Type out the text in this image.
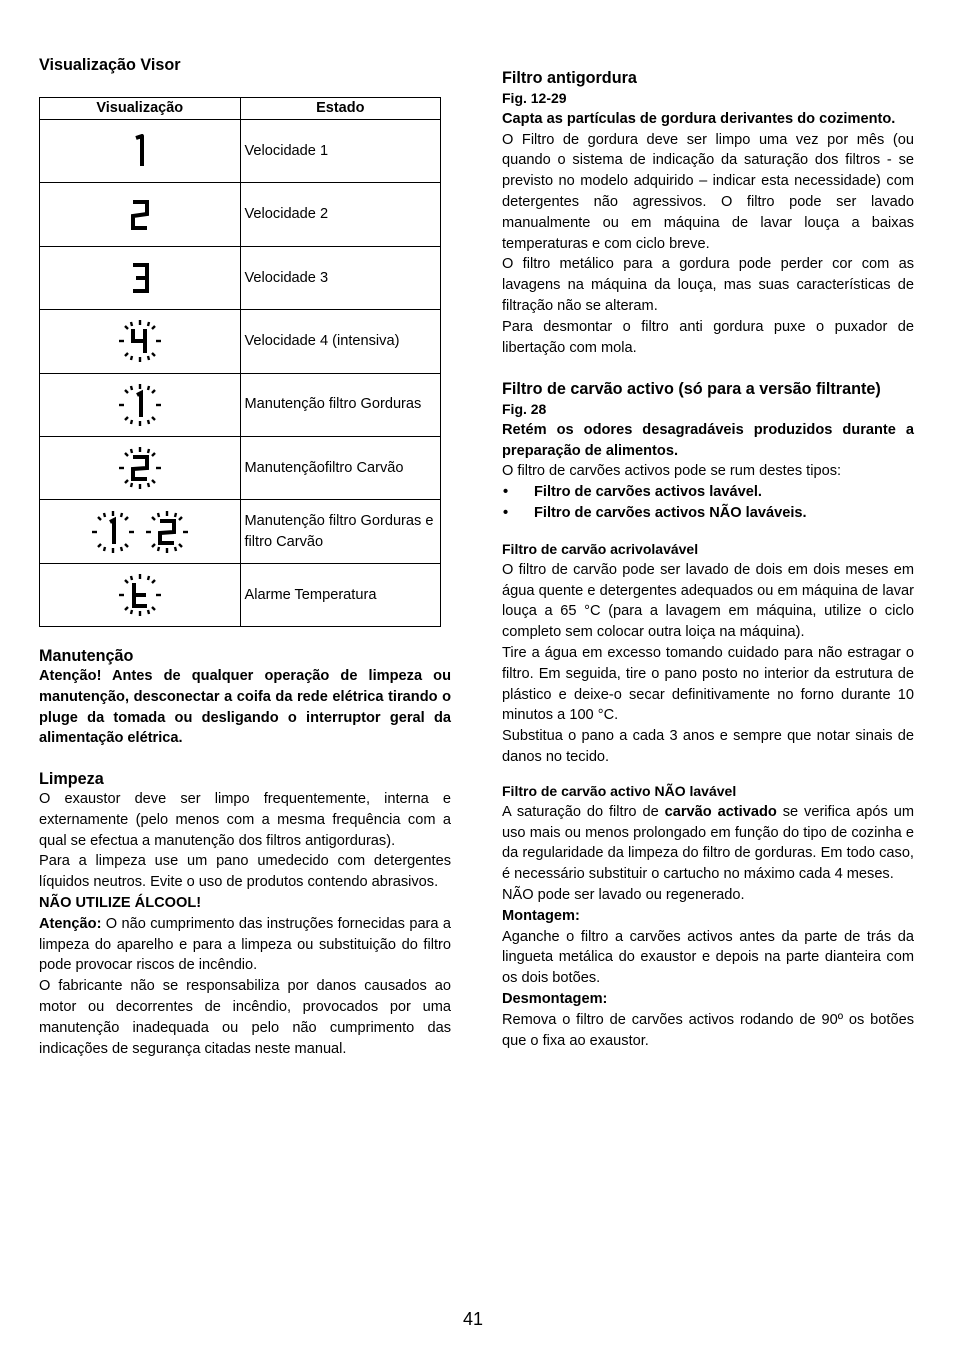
Visualização Visor
Visualização	Estado
	Velocidade 1
	Velocidade 2
	Velocidade 3
	Velocidade 4 (intensiva)
	Manutenção filtro Gorduras
	Manutençãofiltro Carvão
	Manutenção filtro Gorduras e filtro Carvão
	Alarme Temperatura
Manutenção

Atenção! Antes de qualquer operação de limpeza ou manutenção, desconectar a coifa da rede elétrica tirando o pluge da tomada ou desligando o interruptor geral da alimentação elétrica.

Limpeza

O exaustor deve ser limpo frequentemente, interna e externamente (pelo menos com a mesma frequência com a qual se efectua a manutenção dos filtros antigorduras).

Para a limpeza use um pano umedecido com detergentes líquidos neutros. Evite o uso de produtos contendo abrasivos.

NÃO UTILIZE ÁLCOOL!

Atenção: O não cumprimento das instruções fornecidas para a limpeza do aparelho e para a limpeza ou substituição do filtro pode provocar riscos de incêndio.

O fabricante não se responsabiliza por danos causados ao motor ou decorrentes de incêndio, provocados por uma manutenção inadequada ou pelo não cumprimento das indicações de segurança citadas neste manual.

Filtro antigordura

Fig. 12-29

Capta as partículas de gordura derivantes do cozimento.

O Filtro de gordura deve ser limpo uma vez por mês (ou quando o sistema de indicação da saturação dos filtros - se previsto no modelo adquirido – indicar esta necessidade) com detergentes não agressivos. O filtro pode ser lavado manualmente ou em máquina de lavar louça a baixas temperaturas e com ciclo breve.

O filtro metálico para a gordura pode perder cor com as lavagens na máquina da louça, mas suas características de filtração não se alteram.

Para desmontar o filtro anti gordura puxe o puxador de libertação com mola.

Filtro de carvão activo (só para a versão filtrante)

Fig. 28

Retém os odores desagradáveis produzidos durante a preparação de alimentos.

O filtro de carvões activos pode se rum destes tipos:

• Filtro de carvões activos lavável.
• Filtro de carvões activos NÃO laváveis.

Filtro de carvão acrivolavável

O filtro de carvão pode ser lavado de dois em dois meses em água quente e detergentes adequados ou em máquina de lavar louça a 65 °C (para a lavagem em máquina, utilize o ciclo completo sem colocar outra loiça na máquina).

Tire a água em excesso tomando cuidado para não estragar o filtro. Em seguida, tire o pano posto no interior da estrutura de plástico e deixe-o secar definitivamente no forno durante 10 minutos a 100 °C.

Substitua o pano a cada 3 anos e sempre que notar sinais de danos no tecido.

Filtro de carvão activo NÃO lavável

A saturação do filtro de carvão activado se verifica após um uso mais ou menos prolongado em função do tipo de cozinha e da regularidade da limpeza do filtro de gorduras. Em todo caso, é necessário substituir o cartucho no máximo cada 4 meses.

NÃO pode ser lavado ou regenerado.

Montagem:

Aganche o filtro a carvões activos antes da parte de trás da lingueta metálica do exaustor e depois na parte dianteira com os dois botões.

Desmontagem:

Remova o filtro de carvões activos rodando de 90º os botões que o fixa ao exaustor.

41
